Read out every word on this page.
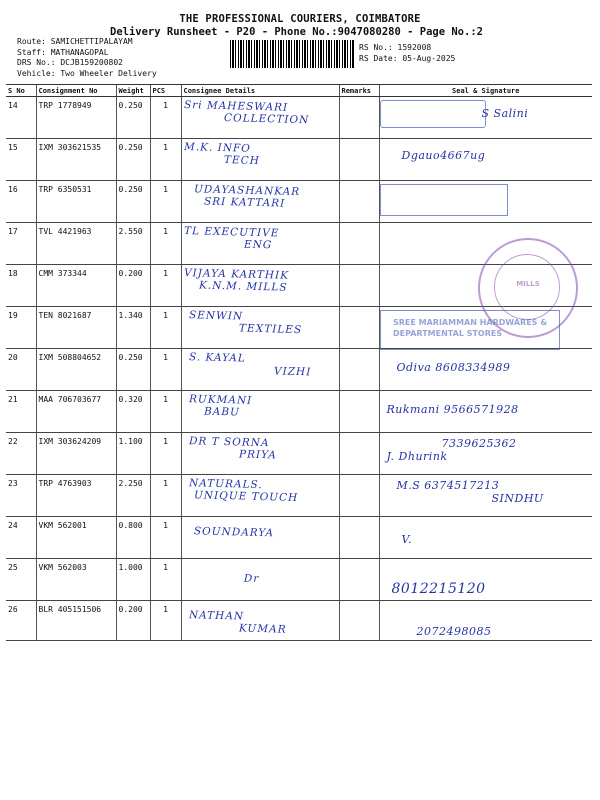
THE PROFESSIONAL COURIERS, COIMBATORE
Delivery Runsheet - P20 - Phone No.:9047080280 - Page No.:2
Route: SAMICHETTIPALAYAM
Staff: MATHANAGOPAL
DRS No.: DCJB159200802
Vehicle: Two Wheeler Delivery
RS No.: 1592008
RS Date: 05-Aug-2025
S No	Consignment No	Weight	PCS	Consignee Details	Remarks	Seal & Signature
14	TRP 1778949	0.250	1	Sri MAHESWARI
COLLECTION		S Salini

15	IXM 303621535	0.250	1	M.K. INFO
TECH		Dgauo4667ug

16	TRP 6350531	0.250	1	UDAYASHANKAR
SRI KATTARI		

17	TVL 4421963	2.550	1	TL EXECUTIVE
ENG		

18	CMM 373344	0.200	1	VIJAYA KARTHIK
K.N.M. MILLS		

19	TEN 8021687	1.340	1	SENWIN
TEXTILES		

20	IXM 508804652	0.250	1	S. KAYAL
VIZHI		Odiva 8608334989

21	MAA 706703677	0.320	1	RUKMANI
BABU		Rukmani 9566571928

22	IXM 303624209	1.100	1	DR T SORNA
PRIYA		7339625362
J. Dhurink

23	TRP 4763903	2.250	1	NATURALS.
UNIQUE TOUCH		M.S 6374517213
SINDHU

24	VKM 562001	0.800	1	SOUNDARYA		V.

25	VKM 562003	1.000	1	Dr		8012215120

26	BLR 405151506	0.200	1	NATHAN
KUMAR		2072498085
MILLS
SREE MARIAMMAN HARDWARES & DEPARTMENTAL STORES
